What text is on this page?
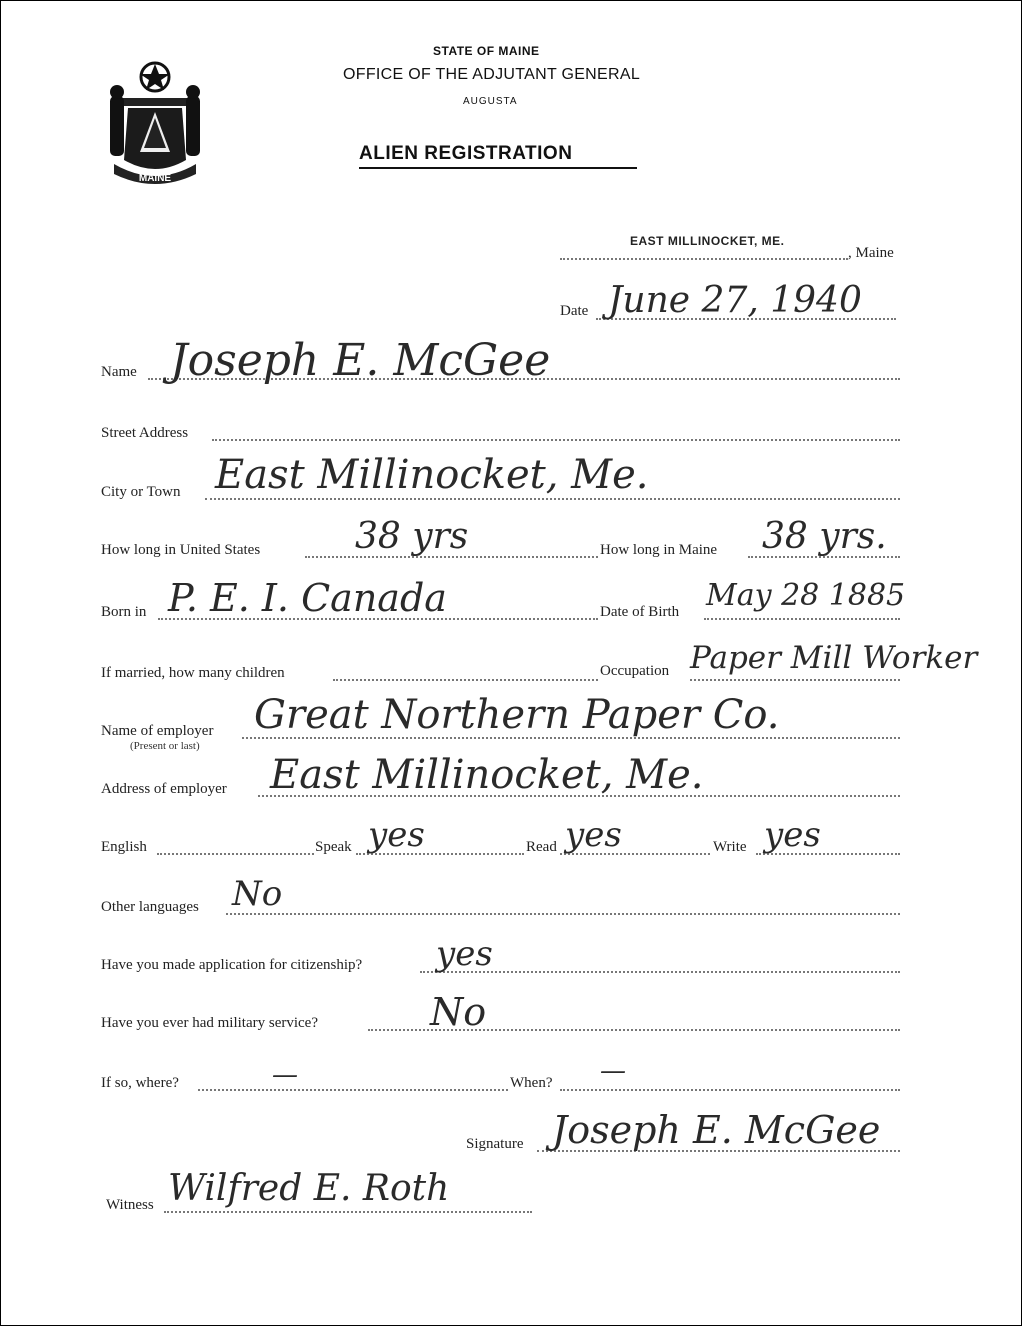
MAINE
STATE OF MAINE
OFFICE OF THE ADJUTANT GENERAL
AUGUSTA
ALIEN REGISTRATION
EAST MILLINOCKET, ME.
, Maine
Date June 27, 1940
Name Joseph E. McGee
Street Address
City or Town East Millinocket, Me.
How long in United States	38 yrs	How long in Maine 38 yrs.
Born in P. E. I. Canada	Date of Birth May 28 1885
If married, how many children	Occupation Paper Mill Worker
Name of employer
(Present or last)
Great Northern Paper Co.
Address of employer East Millinocket, Me.
English	Speak yes	Read yes	Write yes
Other languages No
Have you made application for citizenship? yes
Have you ever had military service?	No
If so, where?	—	When? —
Signature Joseph E. McGee
Witness Wilfred E. Roth
